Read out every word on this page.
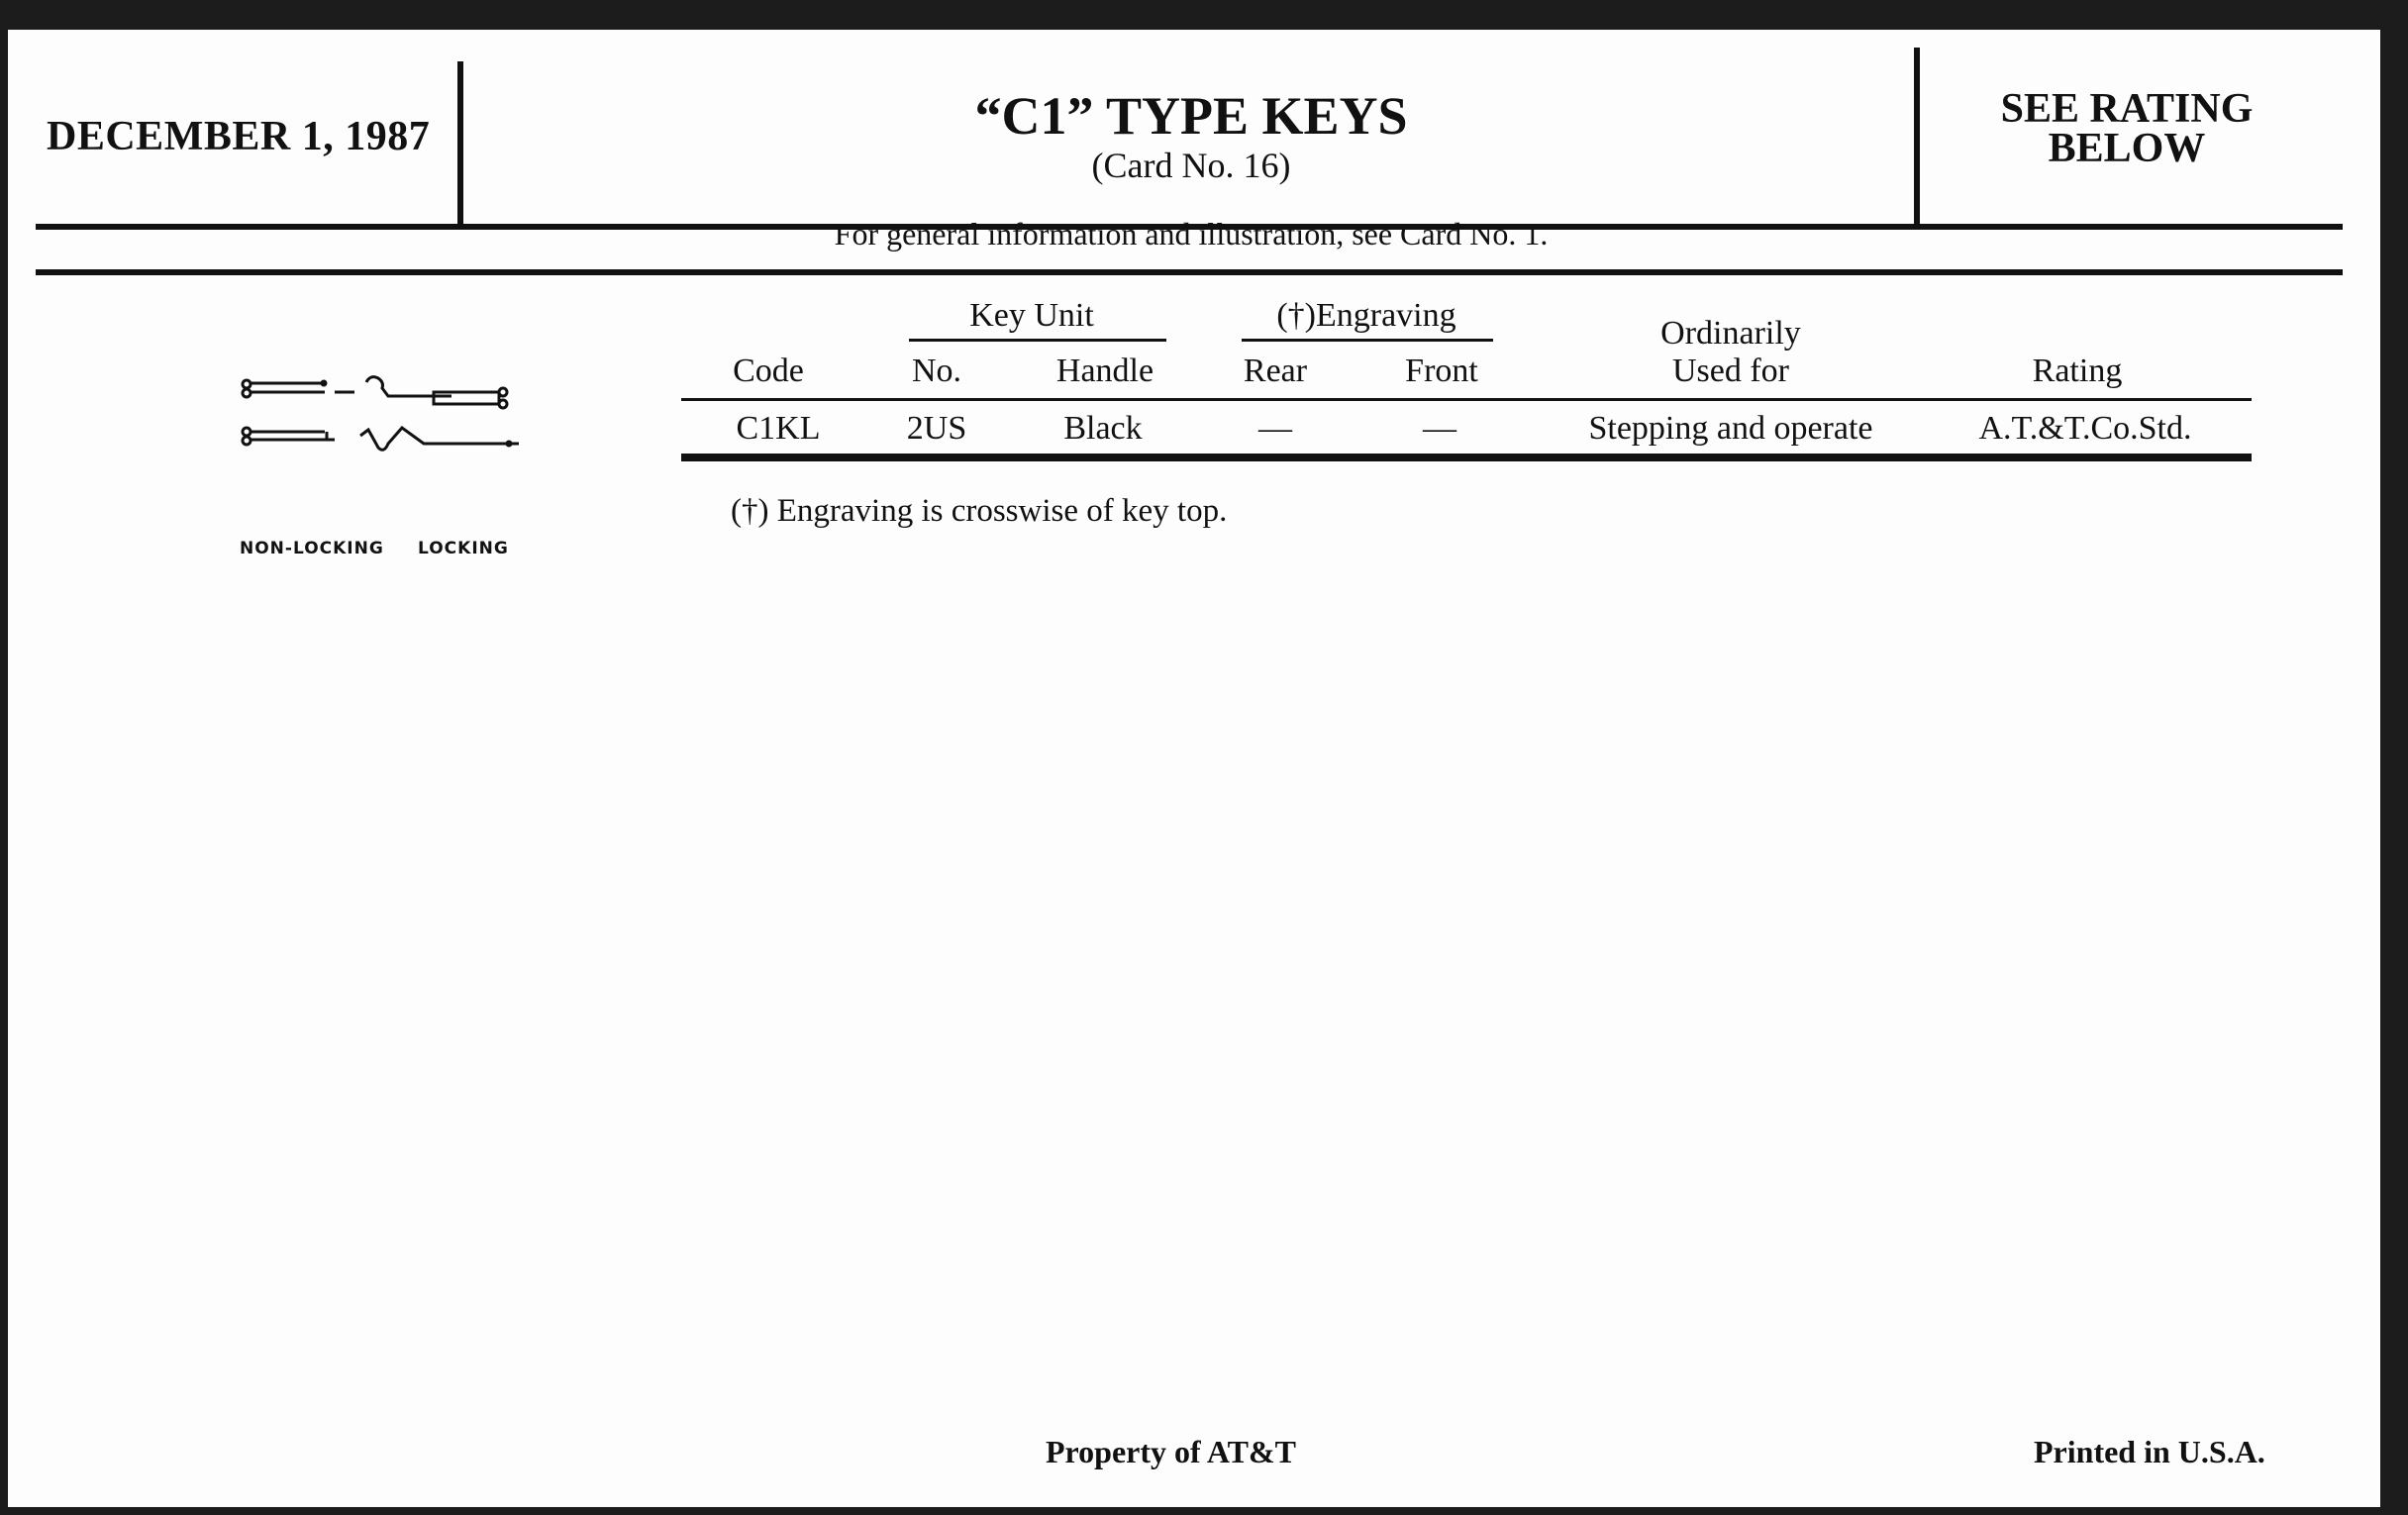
DECEMBER 1, 1987	“C1” TYPE KEYS
(Card No. 16)
SEE RATING
BELOW
For general information and illustration, see Card No. 1.
NON-LOCKING LOCKING
Key Unit	(†)Engraving	Ordinarily
Code	No.	Handle	Rear	Front	Used for	Rating
C1KL	2US	Black	—	—	Stepping and operate	A.T.&T.Co.Std.
(†) Engraving is crosswise of key top.
Property of AT&T	Printed in U.S.A.
